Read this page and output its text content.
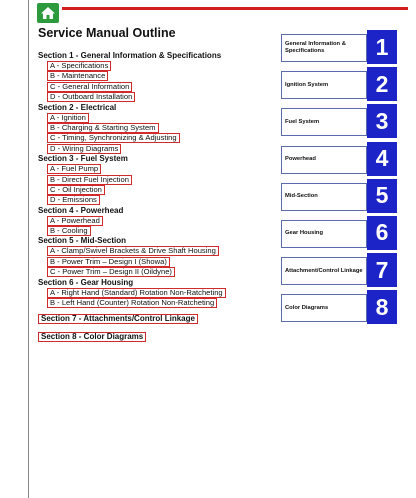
Service Manual Outline
Section 1 - General Information & Specifications
A - Specifications
B - Maintenance
C - General Information
D - Outboard Installation
Section 2 - Electrical
A - Ignition
B - Charging & Starting System
C - Timing, Synchronizing & Adjusting
D - Wiring Diagrams
Section 3 - Fuel System
A - Fuel Pump
B - Direct Fuel Injection
C - Oil Injection
D - Emissions
Section 4 - Powerhead
A - Powerhead
B - Cooling
Section 5 - Mid-Section
A - Clamp/Swivel Brackets & Drive Shaft Housing
B - Power Trim – Design I (Showa)
C - Power Trim – Design II (Oildyne)
Section 6 - Gear Housing
A - Right Hand (Standard) Rotation Non-Ratcheting
B - Left Hand (Counter) Rotation Non-Ratcheting
Section 7 - Attachments/Control Linkage
Section 8 - Color Diagrams
General Information & Specifications	1
Ignition System	2
Fuel System	3
Powerhead	4
Mid-Section	5
Gear Housing	6
Attachment/Control Linkage 7
Color Diagrams	8
